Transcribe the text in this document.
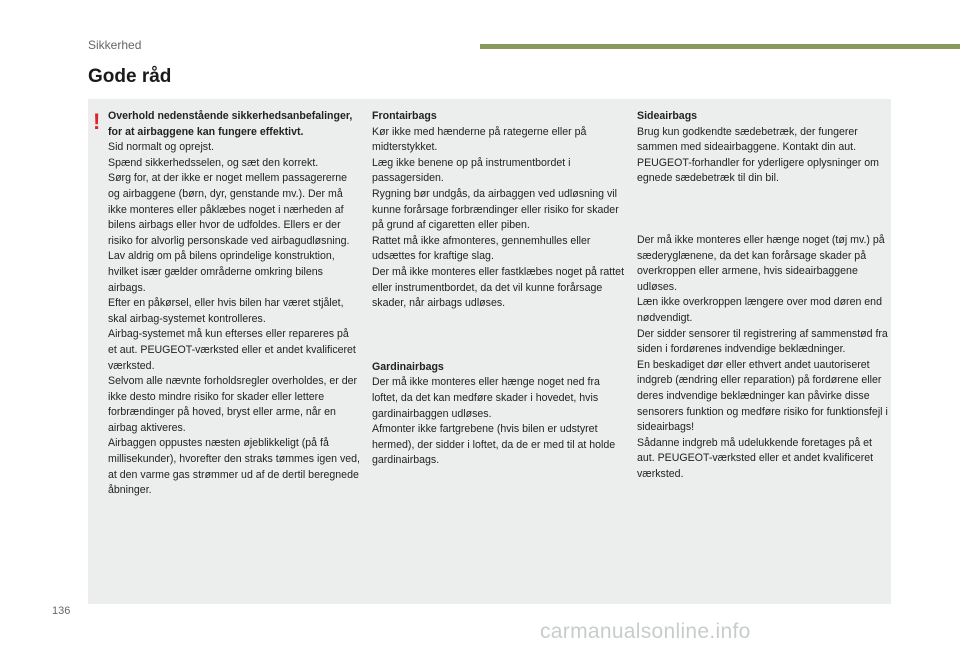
Sikkerhed
Gode råd
! Overhold nedenstående sikkerhedsanbefalinger, for at airbaggene kan fungere effektivt.
Sid normalt og oprejst.
Spænd sikkerhedsselen, og sæt den korrekt.
Sørg for, at der ikke er noget mellem passagererne og airbaggene (børn, dyr, genstande mv.). Der må ikke monteres eller påklæbes noget i nærheden af bilens airbags eller hvor de udfoldes. Ellers er der risiko for alvorlig personskade ved airbagudløsning.
Lav aldrig om på bilens oprindelige konstruktion, hvilket især gælder områderne omkring bilens airbags.
Efter en påkørsel, eller hvis bilen har været stjålet, skal airbag-systemet kontrolleres.
Airbag-systemet må kun efterses eller repareres på et aut. PEUGEOT-værksted eller et andet kvalificeret værksted.
Selvom alle nævnte forholdsregler overholdes, er der ikke desto mindre risiko for skader eller lettere forbrændinger på hoved, bryst eller arme, når en airbag aktiveres.
Airbaggen oppustes næsten øjeblikkeligt (på få millisekunder), hvorefter den straks tømmes igen ved, at den varme gas strømmer ud af de dertil beregnede åbninger.
Frontairbags
Kør ikke med hænderne på rategerne eller på midterstykket.
Læg ikke benene op på instrumentbordet i passagersiden.
Rygning bør undgås, da airbaggen ved udløsning vil kunne forårsage forbrændinger eller risiko for skader på grund af cigaretten eller piben.
Rattet må ikke afmonteres, gennemhulles eller udsættes for kraftige slag.
Der må ikke monteres eller fastklæbes noget på rattet eller instrumentbordet, da det vil kunne forårsage skader, når airbags udløses.
Gardinairbags
Der må ikke monteres eller hænge noget ned fra loftet, da det kan medføre skader i hovedet, hvis gardinairbaggen udløses.
Afmonter ikke fartgrebene (hvis bilen er udstyret hermed), der sidder i loftet, da de er med til at holde gardinairbags.
Sideairbags
Brug kun godkendte sædebetræk, der fungerer sammen med sideairbaggene. Kontakt din aut. PEUGEOT-forhandler for yderligere oplysninger om egnede sædebetræk til din bil.
Der må ikke monteres eller hænge noget (tøj mv.) på sæderyglænene, da det kan forårsage skader på overkroppen eller armene, hvis sideairbaggene udløses.
Læn ikke overkroppen længere over mod døren end nødvendigt.
Der sidder sensorer til registrering af sammenstød fra siden i fordørenes indvendige beklædninger.
En beskadiget dør eller ethvert andet uautoriseret indgreb (ændring eller reparation) på fordørene eller deres indvendige beklædninger kan påvirke disse sensorers funktion og medføre risiko for funktionsfejl i sideairbags!
Sådanne indgreb må udelukkende foretages på et aut. PEUGEOT-værksted eller et andet kvalificeret værksted.
136
carmanualsonline.info
